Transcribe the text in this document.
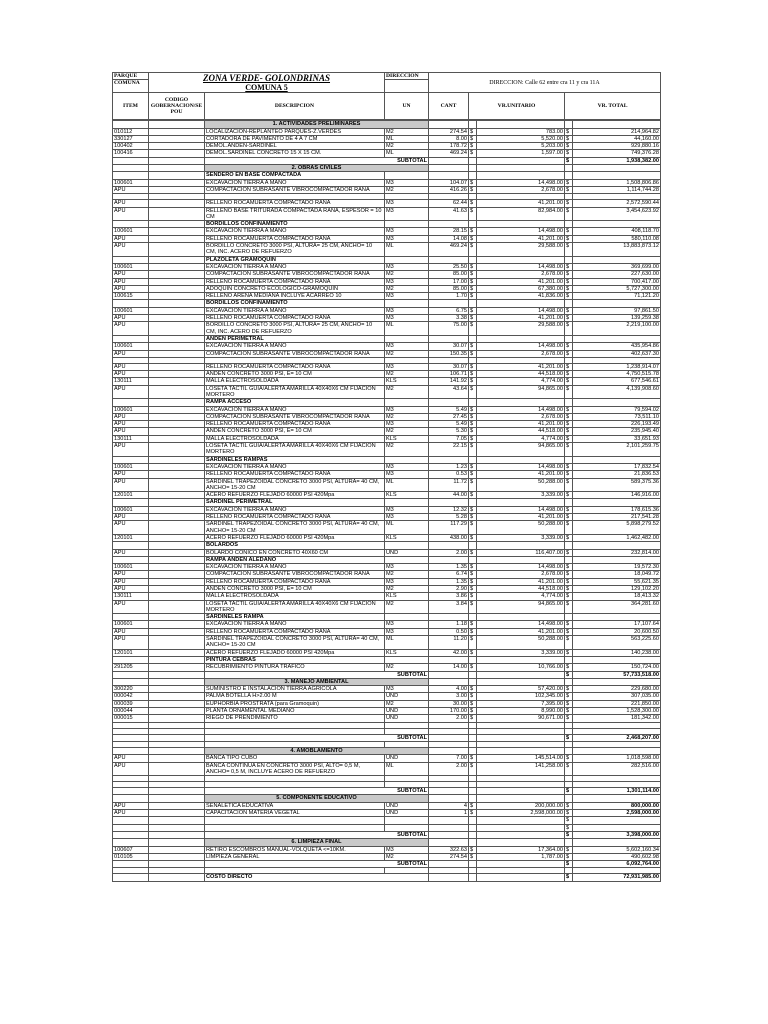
PARQUE	ZONA VERDE- GOLONDRINAS
COMUNA 5		DIRECCION	DIRECCION: Calle 62 entre cra 11 y cra 11A		
COMUNA						
ITEM	CODIGO GOBERNACION/SE POU	DESCRIPCION	UN	CANT	VR.UNITARIO	VR. TOTAL
		1. ACTIVIDADES PRELIMINARES						
010112		LOCALIZACION-REPLANTEO PARQUES-Z.VERDES	M2	274.54	$	783.00	$	214,964.82
330127		CORTADORA DE PAVIMENTO DE 4 A 7 CM	ML	8.00	$	5,520.00	$	44,160.00
100402		DEMOL.ANDEN-SARDINEL	M2	178.72	$	5,203.00	$	929,880.16
100416		DEMOL.SARDINEL CONCRETO 15 X 15 CM.	ML	469.24	$	1,597.00	$	749,376.28
		SUBTOTAL					$	1,938,382.00
		2. OBRAS CIVILES						
		SENDERO EN BASE COMPACTADA						
100601		EXCAVACION TIERRA A MANO	M3	104.07	$	14,498.00	$	1,508,806.86
APU		COMPACTACION SUBRASANTE VIBROCOMPACTADOR RANA	M2	416.26	$	2,678.00	$	1,114,744.28

APU		RELLENO ROCAMUERTA COMPACTADO RANA	M3	62.44	$	41,201.00	$	2,572,590.44
APU		RELLENO BASE TRITURADA COMPACTADA RANA, ESPESOR = 10 CM	M3	41.63	$	82,984.00	$	3,454,623.92
		BORDILLOS CONFINAMIENTO						
100601		EXCAVACION TIERRA A MANO	M3	28.15	$	14,498.00	$	408,118.70
APU		RELLENO ROCAMUERTA COMPACTADO RANA	M3	14.08	$	41,201.00	$	580,110.08
APU		BORDILLO CONCRETO 3000 PSI, ALTURA= 25 CM, ANCHO= 10 CM, INC. ACERO DE REFUERZO	ML	469.24	$	29,588.00	$	13,883,873.12
		PLAZOLETA GRAMOQUIN						
100601		EXCAVACION TIERRA A MANO	M3	25.50	$	14,498.00	$	369,699.00
APU		COMPACTACION SUBRASANTE VIBROCOMPACTADOR RANA	M2	85.00	$	2,678.00	$	227,630.00
APU		RELLENO ROCAMUERTA COMPACTADO RANA	M3	17.00	$	41,201.00	$	700,417.00
APU		ADOQUIN CONCRETO ECOLOGICO-GRAMOQUIN	M2	85.00	$	67,380.00	$	5,727,300.00
100615		RELLENO ARENA MEDIANA INCLUYE ACARREO 10	M3	1.70	$	41,836.00	$	71,121.20
		BORDILLOS CONFINAMIENTO						
100601		EXCAVACION TIERRA A MANO	M3	6.75	$	14,498.00	$	97,861.50
APU		RELLENO ROCAMUERTA COMPACTADO RANA	M3	3.38	$	41,201.00	$	139,259.38
APU		BORDILLO CONCRETO 3000 PSI, ALTURA= 25 CM, ANCHO= 10 CM, INC. ACERO DE REFUERZO	ML	75.00	$	29,588.00	$	2,219,100.00
		ANDEN PERIMETRAL						
100601		EXCAVACION TIERRA A MANO	M3	30.07	$	14,498.00	$	435,954.86
APU		COMPACTACION SUBRASANTE VIBROCOMPACTADOR RANA	M2	150.35	$	2,678.00	$	402,637.30

APU		RELLENO ROCAMUERTA COMPACTADO RANA	M3	30.07	$	41,201.00	$	1,238,914.07
APU		ANDEN CONCRETO 3000 PSI, E= 10 CM	M2	106.71	$	44,518.00	$	4,750,515.78
130111		MALLA ELECTROSOLDADA	KLS	141.92	$	4,774.00	$	677,546.61
APU		LOSETA TACTIL GUIA/ALERTA AMARILLA 40X40X6 CM FIJACION MORTERO	M2	43.64	$	94,865.00	$	4,139,908.60
		RAMPA ACCESO						
100601		EXCAVACION TIERRA A MANO	M3	5.49	$	14,498.00	$	79,594.02
APU		COMPACTACION SUBRASANTE VIBROCOMPACTADOR RANA	M2	27.45	$	2,678.00	$	73,511.10
APU		RELLENO ROCAMUERTA COMPACTADO RANA	M3	5.49	$	41,201.00	$	226,193.49
APU		ANDEN CONCRETO 3000 PSI, E= 10 CM	M2	5.30	$	44,518.00	$	235,945.40
130111		MALLA ELECTROSOLDADA	KLS	7.05	$	4,774.00	$	33,651.93
APU		LOSETA TACTIL GUIA/ALERTA AMARILLA 40X40X6 CM FIJACION MORTERO	M2	22.15	$	94,865.00	$	2,101,259.75
		SARDINELES RAMPAS						
100601		EXCAVACION TIERRA A MANO	M3	1.23	$	14,498.00	$	17,832.54
APU		RELLENO ROCAMUERTA COMPACTADO RANA	M3	0.53	$	41,201.00	$	21,836.53
APU		SARDINEL TRAPEZOIDAL CONCRETO 3000 PSI, ALTURA= 40 CM, ANCHO= 15-20 CM	ML	11.72	$	50,288.00	$	589,375.36
120101		ACERO REFUERZO FLEJADO 60000 PSI 420Mpa	KLS	44.00	$	3,339.00	$	146,916.00
		SARDINEL PERIMETRAL						
100601		EXCAVACION TIERRA A MANO	M3	12.32	$	14,498.00	$	178,615.36
APU		RELLENO ROCAMUERTA COMPACTADO RANA	M3	5.28	$	41,201.00	$	217,541.28
APU		SARDINEL TRAPEZOIDAL CONCRETO 3000 PSI, ALTURA= 40 CM, ANCHO= 15-20 CM	ML	117.29	$	50,288.00	$	5,898,279.52
120101		ACERO REFUERZO FLEJADO 60000 PSI 420Mpa	KLS	438.00	$	3,339.00	$	1,462,482.00
		BOLARDOS						
APU		BOLARDO CONICO EN CONCRETO 40X60 CM	UND	2.00	$	116,407.00	$	232,814.00
		RAMPA ANDEN ALEDAÑO						
100601		EXCAVACION TIERRA A MANO	M3	1.35	$	14,498.00	$	19,572.30
APU		COMPACTACION SUBRASANTE VIBROCOMPACTADOR RANA	M2	6.74	$	2,678.00	$	18,049.72
APU		RELLENO ROCAMUERTA COMPACTADO RANA	M3	1.35	$	41,201.00	$	55,621.35
APU		ANDEN CONCRETO 3000 PSI, E= 10 CM	M2	2.90	$	44,518.00	$	129,102.20
130111		MALLA ELECTROSOLDADA	KLS	3.86	$	4,774.00	$	18,413.32
APU		LOSETA TACTIL GUIA/ALERTA AMARILLA 40X40X6 CM FIJACION MORTERO	M2	3.84	$	94,865.00	$	364,281.60
		SARDINELES RAMPA						
100601		EXCAVACION TIERRA A MANO	M3	1.18	$	14,498.00	$	17,107.64
APU		RELLENO ROCAMUERTA COMPACTADO RANA	M3	0.50	$	41,201.00	$	20,600.50
APU		SARDINEL TRAPEZOIDAL CONCRETO 3000 PSI, ALTURA= 40 CM, ANCHO= 15-20 CM	ML	11.20	$	50,288.00	$	563,225.60
120101		ACERO REFUERZO FLEJADO 60000 PSI 420Mpa	KLS	42.00	$	3,339.00	$	140,238.00
		PINTURA CEBRAS						
291205		RECUBRIMIENTO PINTURA TRAFICO	M2	14.00	$	10,766.00	$	150,724.00
		SUBTOTAL					$	57,733,518.00
		3. MANEJO AMBIENTAL						
300220		SUMINISTRO E INSTALACION TIERRA AGRICOLA	M3	4.00	$	57,420.00	$	229,680.00
000042		PALMA BOTELLA H>2.00 M	UND	3.00	$	102,345.00	$	307,035.00
000039		EUPHORBIA PROSTRATA (para Gramoquin)	M2	30.00	$	7,395.00	$	221,850.00
000044		PLANTA ORNAMENTAL MEDIANO	UND	170.00	$	8,990.00	$	1,528,300.00
000015		RIEGO DE PRENDIMIENTO	UND	2.00	$	90,671.00	$	181,342.00

		SUBTOTAL					$	2,468,207.00

		4. AMOBLAMIENTO						
APU		BANCA TIPO CUBO	UND	7.00	$	145,514.00	$	1,018,598.00
APU		BANCA CONTINUA EN CONCRETO 3000 PSI, ALTO= 0,5 M, ANCHO= 0,5 M, INCLUYE ACERO DE REFUERZO	ML	2.00	$	141,258.00	$	282,516.00

		SUBTOTAL					$	1,301,114.00
		5. COMPONENTE EDUCATIVO						
APU		SENALETICA EDUCATIVA	UND	4	$	200,000.00	$	800,000.00
APU		CAPACITACION MATERIA VEGETAL	UND	1	$	2,598,000.00	$	2,598,000.00
							$	
							$	
		SUBTOTAL					$	3,398,000.00
		6. LIMPIEZA FINAL						
100607		RETIRO ESCOMBROS MANUAL-VOLQUETA <=10KM.	M3	322.63	$	17,364.00	$	5,602,160.34
010105		LIMPIEZA GENERAL	M2	274.54	$	1,787.00	$	490,602.98
		SUBTOTAL					$	6,092,764.00

		COSTO DIRECTO					$	72,931,985.00
